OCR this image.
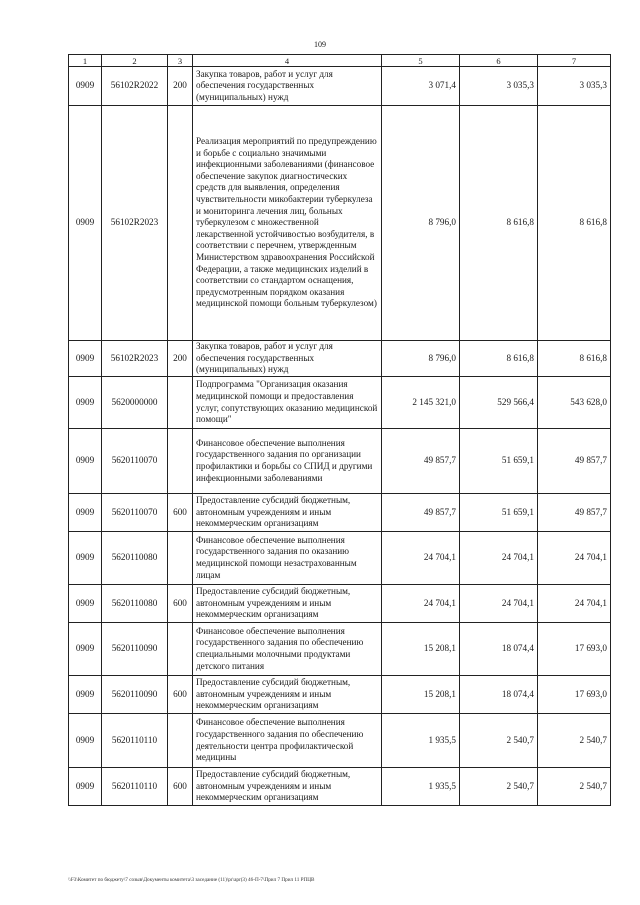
109
1	2	3	4	5	6	7
0909	56102R2022	200	Закупка товаров, работ и услуг для обеспечения государственных (муниципальных) нужд	3 071,4	3 035,3	3 035,3
0909	56102R2023		Реализация мероприятий по предупреждению и борьбе с социально значимыми инфекционными заболеваниями (финансовое обеспечение закупок диагностических средств для выявления, определения чувствительности микобактерии туберкулеза и мониторинга лечения лиц, больных туберкулезом с множественной лекарственной устойчивостью возбудителя, в соответствии с перечнем, утвержденным Министерством здравоохранения Российской Федерации, а также медицинских изделий в соответствии со стандартом оснащения, предусмотренным порядком оказания медицинской помощи больным туберкулезом)	8 796,0	8 616,8	8 616,8
0909	56102R2023	200	Закупка товаров, работ и услуг для обеспечения государственных (муниципальных) нужд	8 796,0	8 616,8	8 616,8
0909	5620000000		Подпрограмма "Организация оказания медицинской помощи и предоставления услуг, сопутствующих оказанию медицинской помощи"	2 145 321,0	529 566,4	543 628,0
0909	5620110070		Финансовое обеспечение выполнения государственного задания по организации профилактики и борьбы со СПИД и другими инфекционными заболеваниями	49 857,7	51 659,1	49 857,7
0909	5620110070	600	Предоставление субсидий бюджетным, автономным учреждениям и иным некоммерческим организациям	49 857,7	51 659,1	49 857,7
0909	5620110080		Финансовое обеспечение выполнения государственного задания по оказанию медицинской помощи незастрахованным лицам	24 704,1	24 704,1	24 704,1
0909	5620110080	600	Предоставление субсидий бюджетным, автономным учреждениям и иным некоммерческим организациям	24 704,1	24 704,1	24 704,1
0909	5620110090		Финансовое обеспечение выполнения государственного задания по обеспечению специальными молочными продуктами детского питания	15 208,1	18 074,4	17 693,0
0909	5620110090	600	Предоставление субсидий бюджетным, автономным учреждениям и иным некоммерческим организациям	15 208,1	18 074,4	17 693,0
0909	5620110110		Финансовое обеспечение выполнения государственного задания по обеспечению деятельности центра профилактической медицины	1 935,5	2 540,7	2 540,7
0909	5620110110	600	Предоставление субсидий бюджетным, автономным учреждениям и иным некоммерческим организациям	1 935,5	2 540,7	2 540,7
\\F3\Комитет по бюджету\7 созыв\Документы комитета\3 заседание (11)\pr\apr(3) 46-П-7\Прил 7 Прил 11 РПЦВ
